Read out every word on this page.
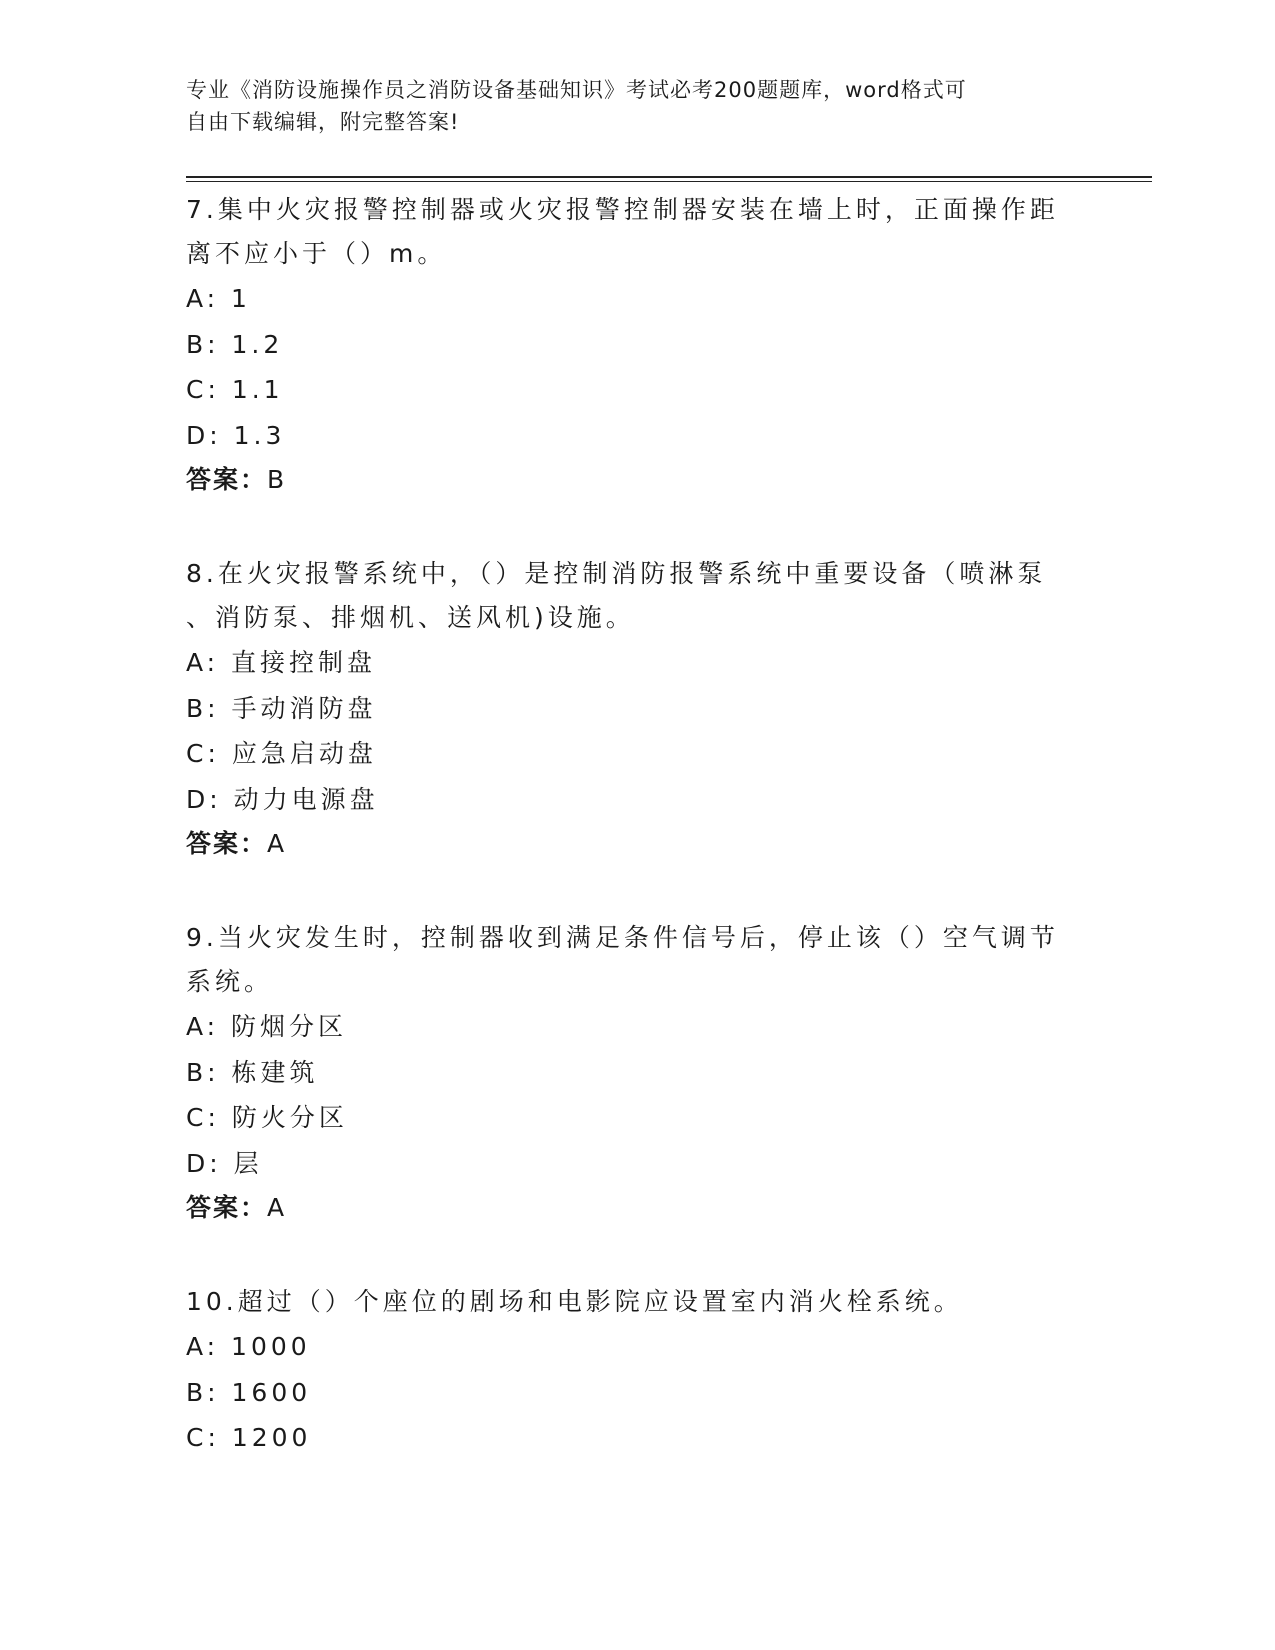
专业《消防设施操作员之消防设备基础知识》考试必考200题题库，word格式可
自由下载编辑，附完整答案!
7.集中火灾报警控制器或火灾报警控制器安装在墙上时，正面操作距
离不应小于（）m。
A: 1
B: 1.2
C: 1.1
D: 1.3
答案：B
8.在火灾报警系统中，（）是控制消防报警系统中重要设备（喷淋泵
、消防泵、排烟机、送风机)设施。
A: 直接控制盘
B: 手动消防盘
C: 应急启动盘
D: 动力电源盘
答案：A
9.当火灾发生时，控制器收到满足条件信号后，停止该（）空气调节
系统。
A: 防烟分区
B: 栋建筑
C: 防火分区
D: 层
答案：A
10.超过（）个座位的剧场和电影院应设置室内消火栓系统。
A: 1000
B: 1600
C: 1200
